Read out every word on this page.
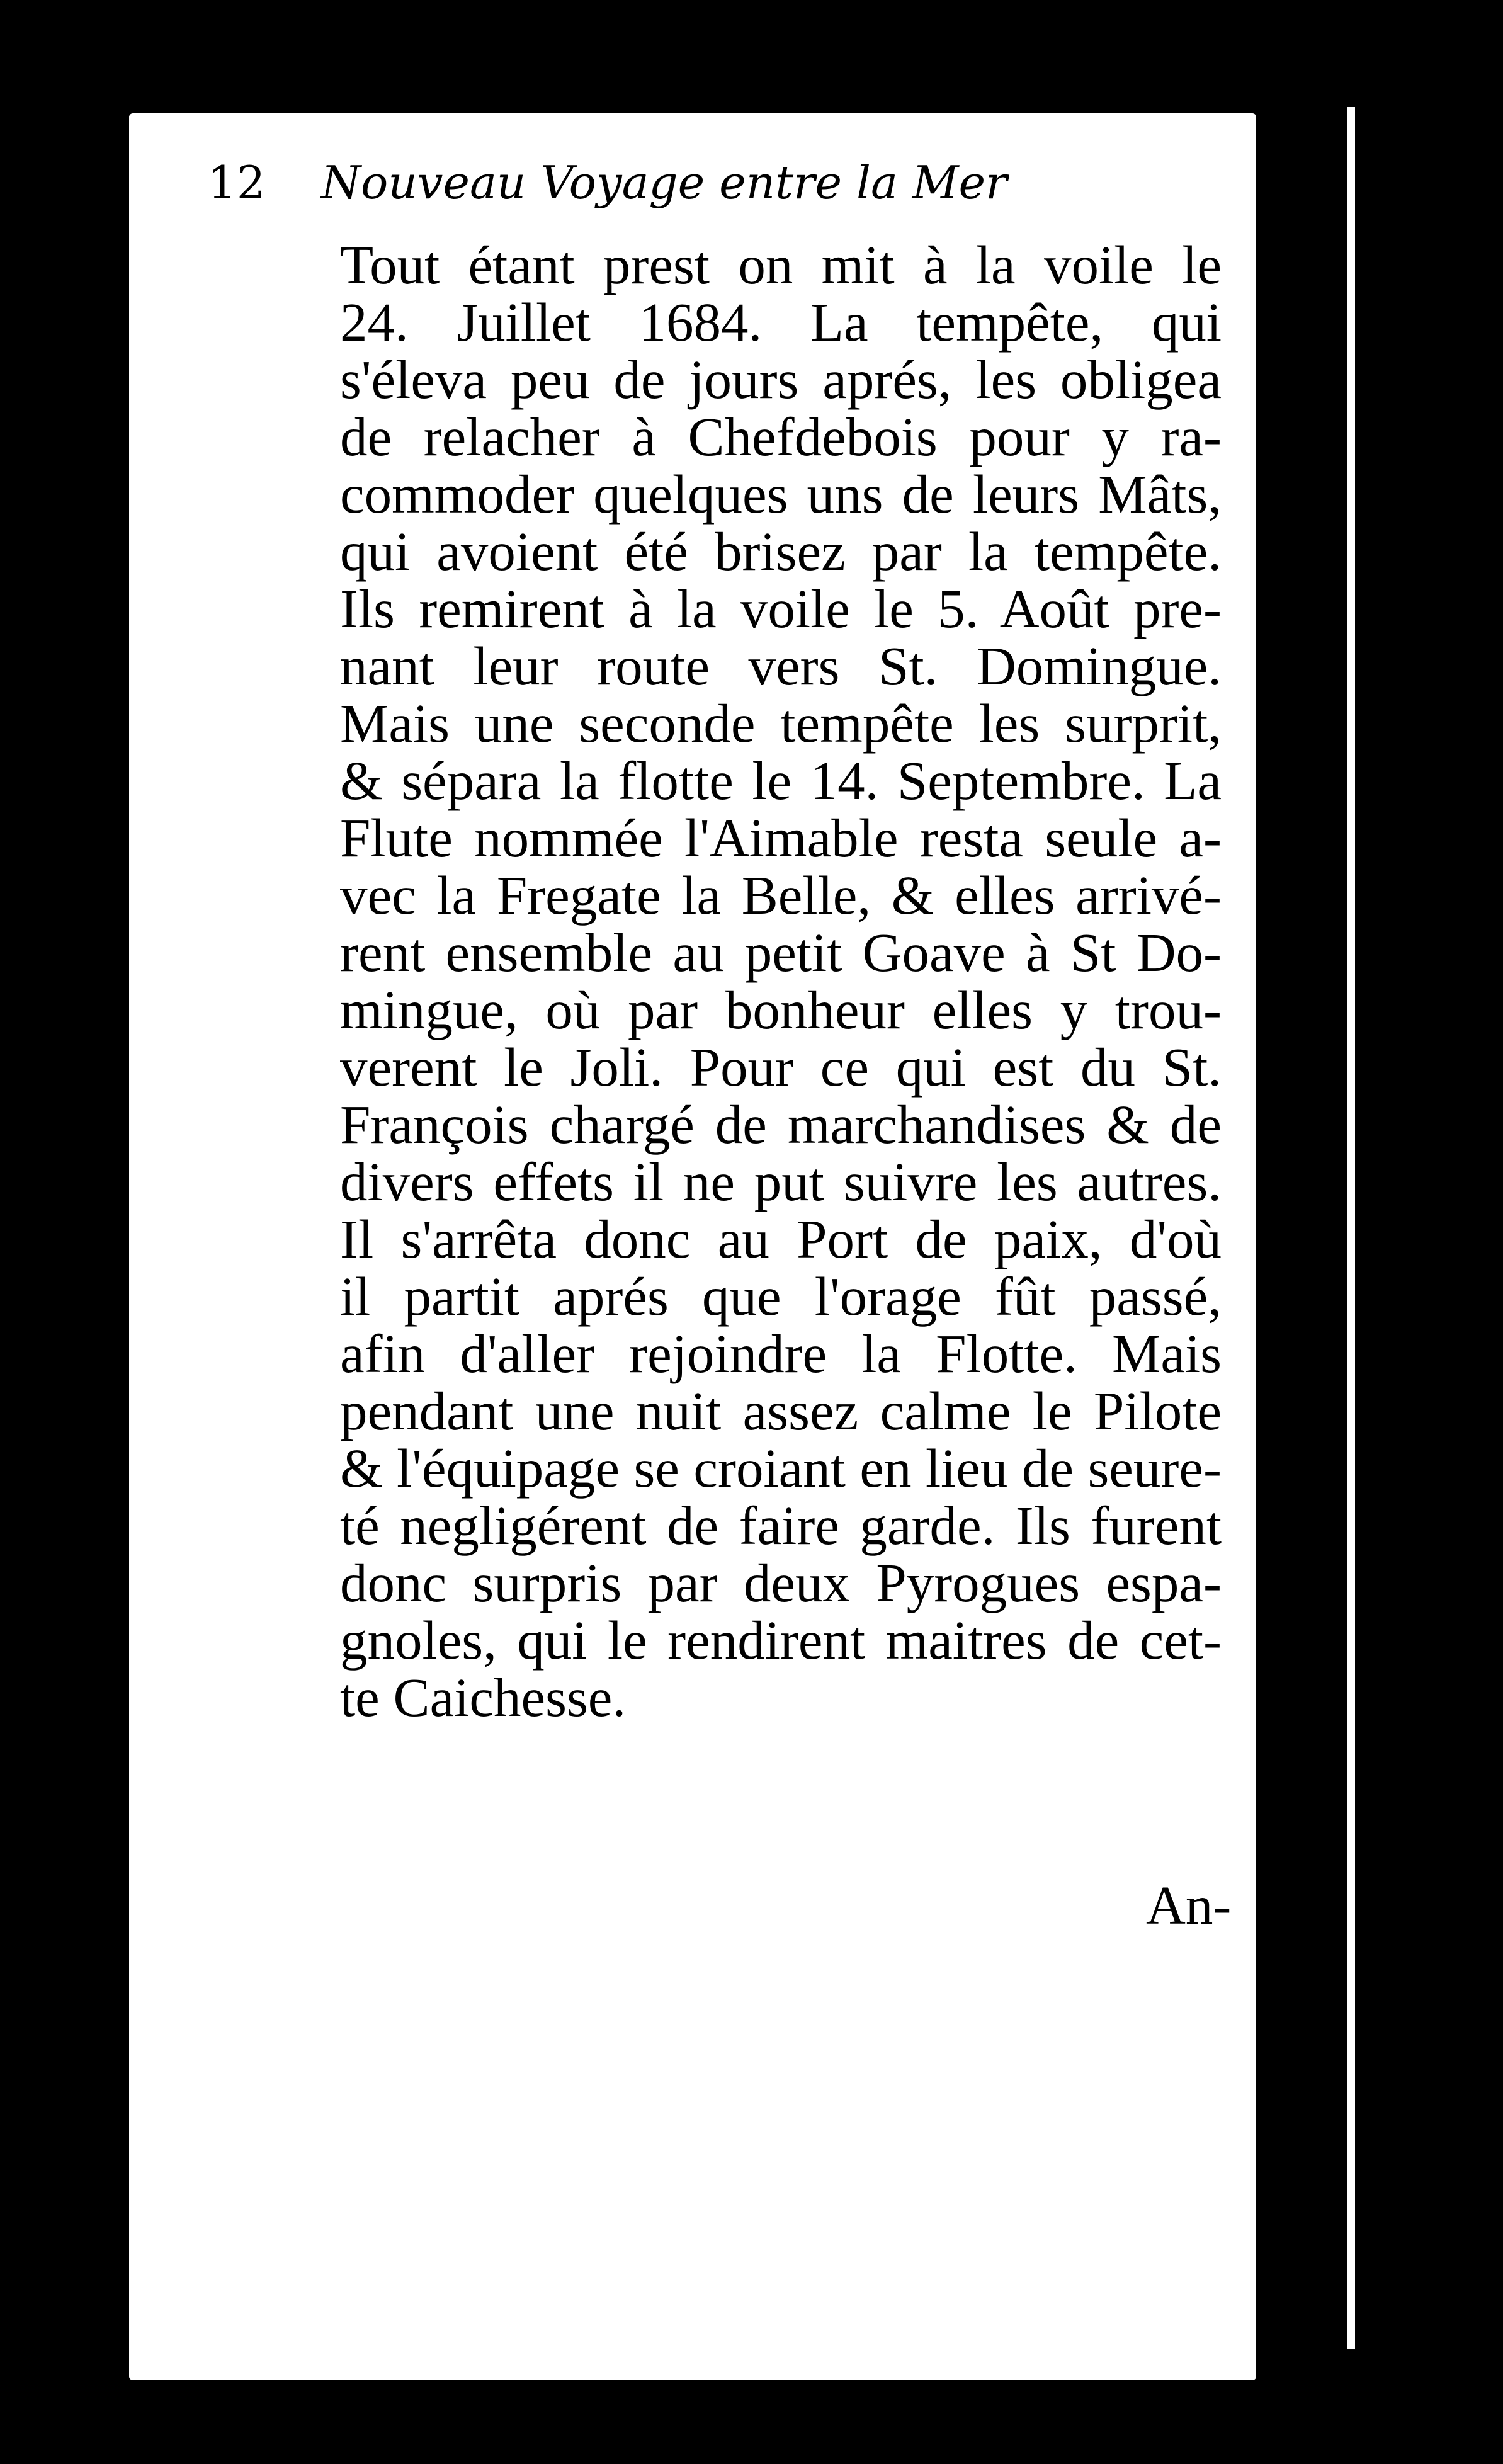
12 Nouveau Voyage entre la Mer
Tout étant prest on mit à la voile le
24. Juillet 1684. La tempête, qui
s'éleva peu de jours aprés, les obligea
de relacher à Chefdebois pour y ra-
commoder quelques uns de leurs Mâts,
qui avoient été brisez par la tempête.
Ils remirent à la voile le 5. Août pre-
nant leur route vers St. Domingue.
Mais une seconde tempête les surprit,
& sépara la flotte le 14. Septembre. La
Flute nommée l'Aimable resta seule a-
vec la Fregate la Belle, & elles arrivé-
rent ensemble au petit Goave à St Do-
mingue, où par bonheur elles y trou-
verent le Joli. Pour ce qui est du St.
François chargé de marchandises & de
divers effets il ne put suivre les autres.
Il s'arrêta donc au Port de paix, d'où
il partit aprés que l'orage fût passé,
afin d'aller rejoindre la Flotte. Mais
pendant une nuit assez calme le Pilote
& l'équipage se croiant en lieu de seure-
té negligérent de faire garde. Ils furent
donc surpris par deux Pyrogues espa-
gnoles, qui le rendirent maitres de cet-
te Caichesse.
An-
